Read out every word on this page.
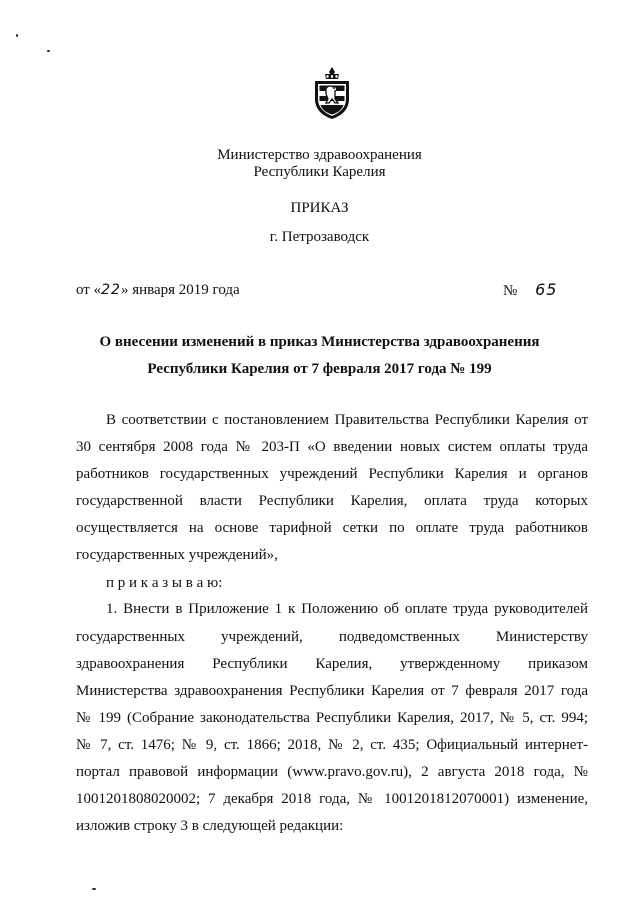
Министерство здравоохранения
Республики Карелия
ПРИКАЗ
г. Петрозаводск
от «22» января 2019 года	№ 65
О внесении изменений в приказ Министерства здравоохранения
Республики Карелия от 7 февраля 2017 года № 199
В соответствии с постановлением Правительства Республики Карелия от
30 сентября 2008 года № 203-П «О введении новых систем оплаты труда
работников государственных учреждений Республики Карелия и органов
государственной власти Республики Карелия, оплата труда которых
осуществляется на основе тарифной сетки по оплате труда работников
государственных учреждений»,
п р и к а з ы в а ю:
1. Внести в Приложение 1 к Положению об оплате труда руководителей
государственных учреждений, подведомственных Министерству
здравоохранения Республики Карелия, утвержденному приказом
Министерства здравоохранения Республики Карелия от 7 февраля 2017 года
№ 199 (Собрание законодательства Республики Карелия, 2017, № 5, ст. 994;
№ 7, ст. 1476; № 9, ст. 1866; 2018, № 2, ст. 435; Официальный интернет-
портал правовой информации (www.pravo.gov.ru), 2 августа 2018 года, №
1001201808020002; 7 декабря 2018 года, № 1001201812070001) изменение,
изложив строку 3 в следующей редакции:
